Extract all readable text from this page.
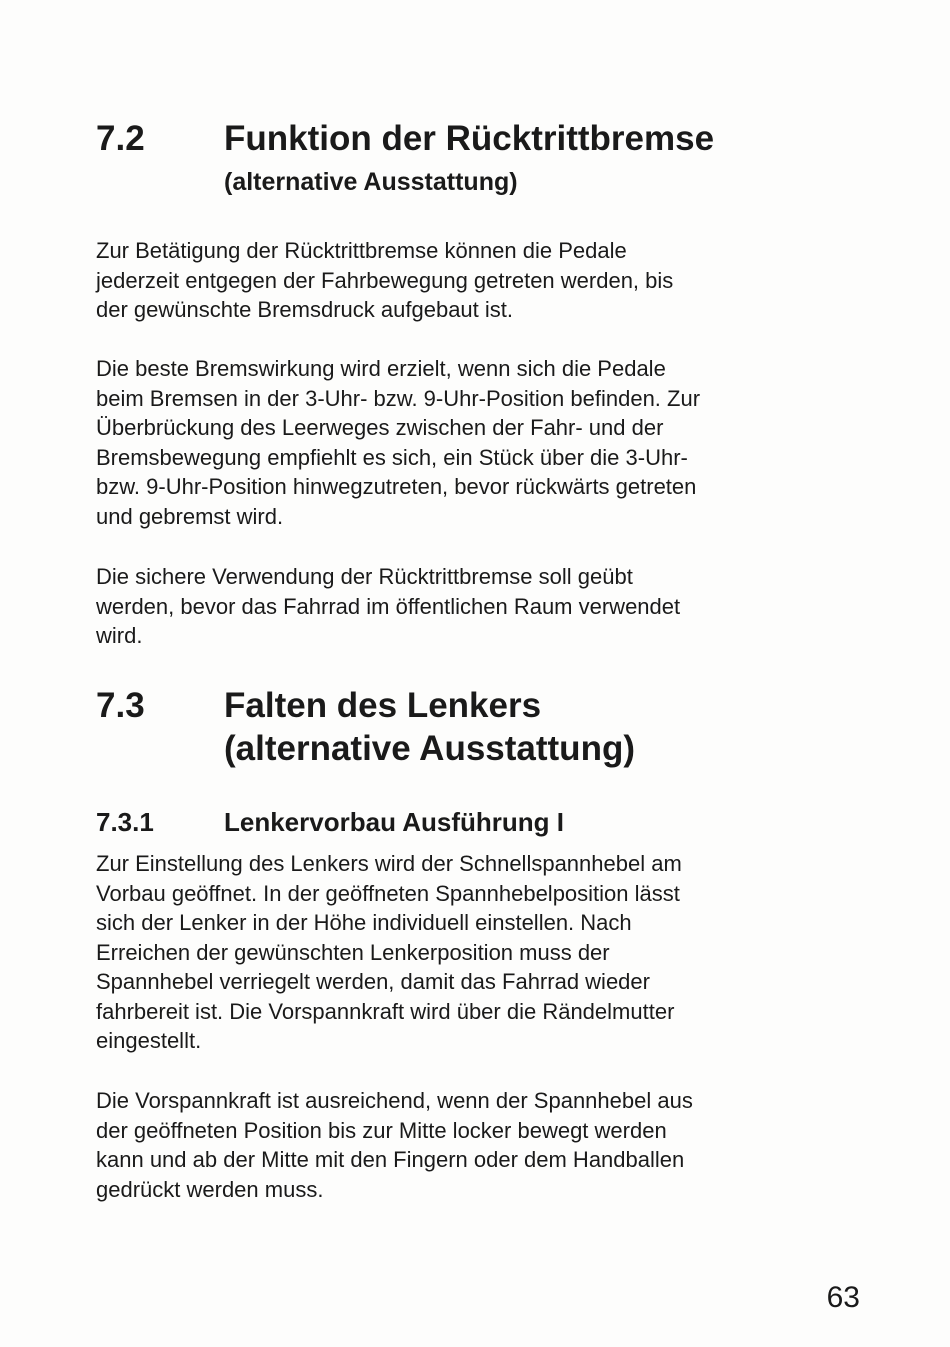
7.2 Funktion der Rücktrittbremse
(alternative Ausstattung)

Zur Betätigung der Rücktrittbremse können die Pedale
jederzeit entgegen der Fahrbewegung getreten werden, bis
der gewünschte Bremsdruck aufgebaut ist.

Die beste Bremswirkung wird erzielt, wenn sich die Pedale
beim Bremsen in der 3-Uhr- bzw. 9-Uhr-Position befinden. Zur
Überbrückung des Leerweges zwischen der Fahr- und der
Bremsbewegung empfiehlt es sich, ein Stück über die 3-Uhr-
bzw. 9-Uhr-Position hinwegzutreten, bevor rückwärts getreten
und gebremst wird.

Die sichere Verwendung der Rücktrittbremse soll geübt
werden, bevor das Fahrrad im öffentlichen Raum verwendet
wird.

7.3 Falten des Lenkers
(alternative Ausstattung)
7.3.1	Lenkervorbau Ausführung I

Zur Einstellung des Lenkers wird der Schnellspannhebel am
Vorbau geöffnet. In der geöffneten Spannhebelposition lässt
sich der Lenker in der Höhe individuell einstellen. Nach
Erreichen der gewünschten Lenkerposition muss der
Spannhebel verriegelt werden, damit das Fahrrad wieder
fahrbereit ist. Die Vorspannkraft wird über die Rändelmutter
eingestellt.

Die Vorspannkraft ist ausreichend, wenn der Spannhebel aus
der geöffneten Position bis zur Mitte locker bewegt werden
kann und ab der Mitte mit den Fingern oder dem Handballen
gedrückt werden muss.

63
